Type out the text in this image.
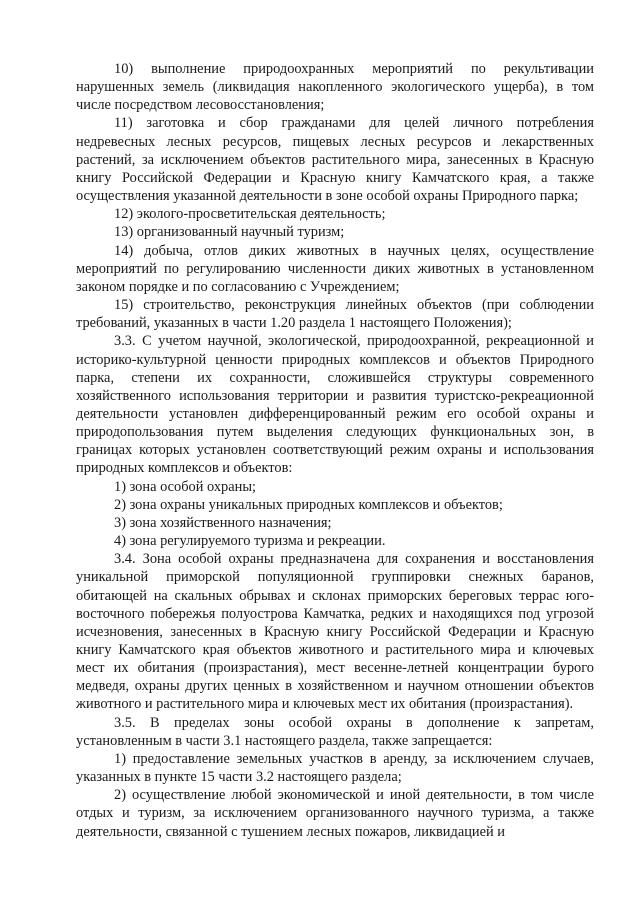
10) выполнение природоохранных мероприятий по рекультивации нарушенных земель (ликвидация накопленного экологического ущерба), в том числе посредством лесовосстановления;

11) заготовка и сбор гражданами для целей личного потребления недревесных лесных ресурсов, пищевых лесных ресурсов и лекарственных растений, за исключением объектов растительного мира, занесенных в Красную книгу Российской Федерации и Красную книгу Камчатского края, а также осуществления указанной деятельности в зоне особой охраны Природного парка;

12) эколого-просветительская деятельность;

13) организованный научный туризм;

14) добыча, отлов диких животных в научных целях, осуществление мероприятий по регулированию численности диких животных в установленном законом порядке и по согласованию с Учреждением;

15) строительство, реконструкция линейных объектов (при соблюдении требований, указанных в части 1.20 раздела 1 настоящего Положения);

3.3. С учетом научной, экологической, природоохранной, рекреационной и историко-культурной ценности природных комплексов и объектов Природного парка, степени их сохранности, сложившейся структуры современного хозяйственного использования территории и развития туристско-рекреационной деятельности установлен дифференцированный режим его особой охраны и природопользования путем выделения следующих функциональных зон, в границах которых установлен соответствующий режим охраны и использования природных комплексов и объектов:

1) зона особой охраны;

2) зона охраны уникальных природных комплексов и объектов;

3) зона хозяйственного назначения;

4) зона регулируемого туризма и рекреации.

3.4. Зона особой охраны предназначена для сохранения и восстановления уникальной приморской популяционной группировки снежных баранов, обитающей на скальных обрывах и склонах приморских береговых террас юго-восточного побережья полуострова Камчатка, редких и находящихся под угрозой исчезновения, занесенных в Красную книгу Российской Федерации и Красную книгу Камчатского края объектов животного и растительного мира и ключевых мест их обитания (произрастания), мест весенне-летней концентрации бурого медведя, охраны других ценных в хозяйственном и научном отношении объектов животного и растительного мира и ключевых мест их обитания (произрастания).

3.5. В пределах зоны особой охраны в дополнение к запретам, установленным в части 3.1 настоящего раздела, также запрещается:

1) предоставление земельных участков в аренду, за исключением случаев, указанных в пункте 15 части 3.2 настоящего раздела;

2) осуществление любой экономической и иной деятельности, в том числе отдых и туризм, за исключением организованного научного туризма, а также деятельности, связанной с тушением лесных пожаров, ликвидацией и
